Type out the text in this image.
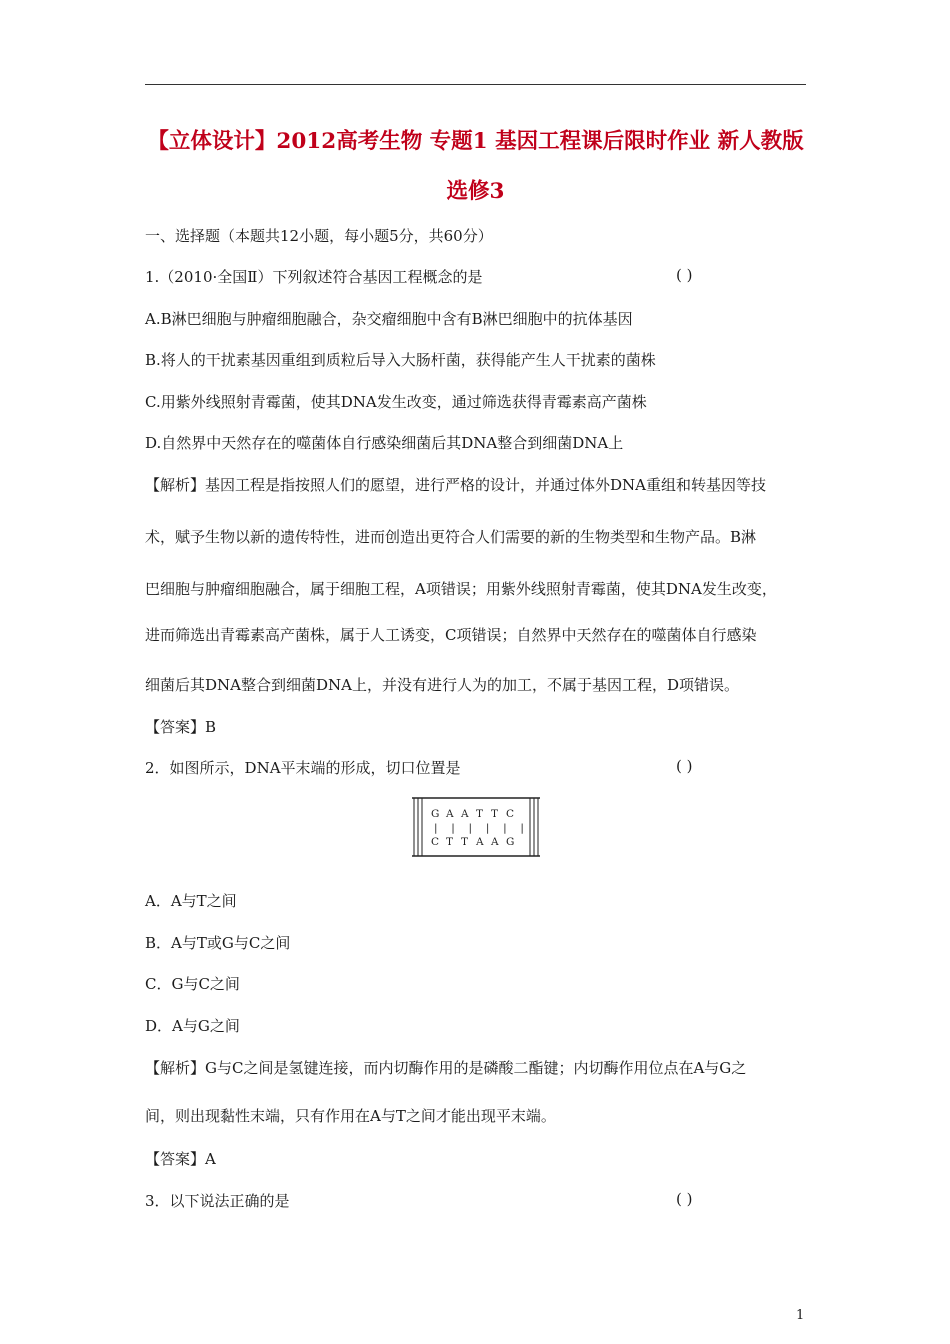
【立体设计】2012高考生物 专题1 基因工程课后限时作业 新人教版
选修3
一、选择题（本题共12小题，每小题5分，共60分）
1.（2010·全国Ⅱ）下列叙述符合基因工程概念的是	( )
A.B淋巴细胞与肿瘤细胞融合，杂交瘤细胞中含有B淋巴细胞中的抗体基因
B.将人的干扰素基因重组到质粒后导入大肠杆菌，获得能产生人干扰素的菌株
C.用紫外线照射青霉菌，使其DNA发生改变，通过筛选获得青霉素高产菌株
D.自然界中天然存在的噬菌体自行感染细菌后其DNA整合到细菌DNA上
【解析】基因工程是指按照人们的愿望，进行严格的设计，并通过体外DNA重组和转基因等技
术，赋予生物以新的遗传特性，进而创造出更符合人们需要的新的生物类型和生物产品。B淋
巴细胞与肿瘤细胞融合，属于细胞工程，A项错误；用紫外线照射青霉菌，使其DNA发生改变，
进而筛选出青霉素高产菌株，属于人工诱变，C项错误；自然界中天然存在的噬菌体自行感染
细菌后其DNA整合到细菌DNA上，并没有进行人为的加工，不属于基因工程，D项错误。
【答案】B
2．如图所示，DNA平末端的形成，切口位置是	( )
G A A T T C
| | | | | |
C T T A A G
A．A与T之间
B．A与T或G与C之间
C．G与C之间
D．A与G之间
【解析】G与C之间是氢键连接，而内切酶作用的是磷酸二酯键；内切酶作用位点在A与G之
间，则出现黏性末端，只有作用在A与T之间才能出现平末端。
【答案】A
3．以下说法正确的是	( )
1
